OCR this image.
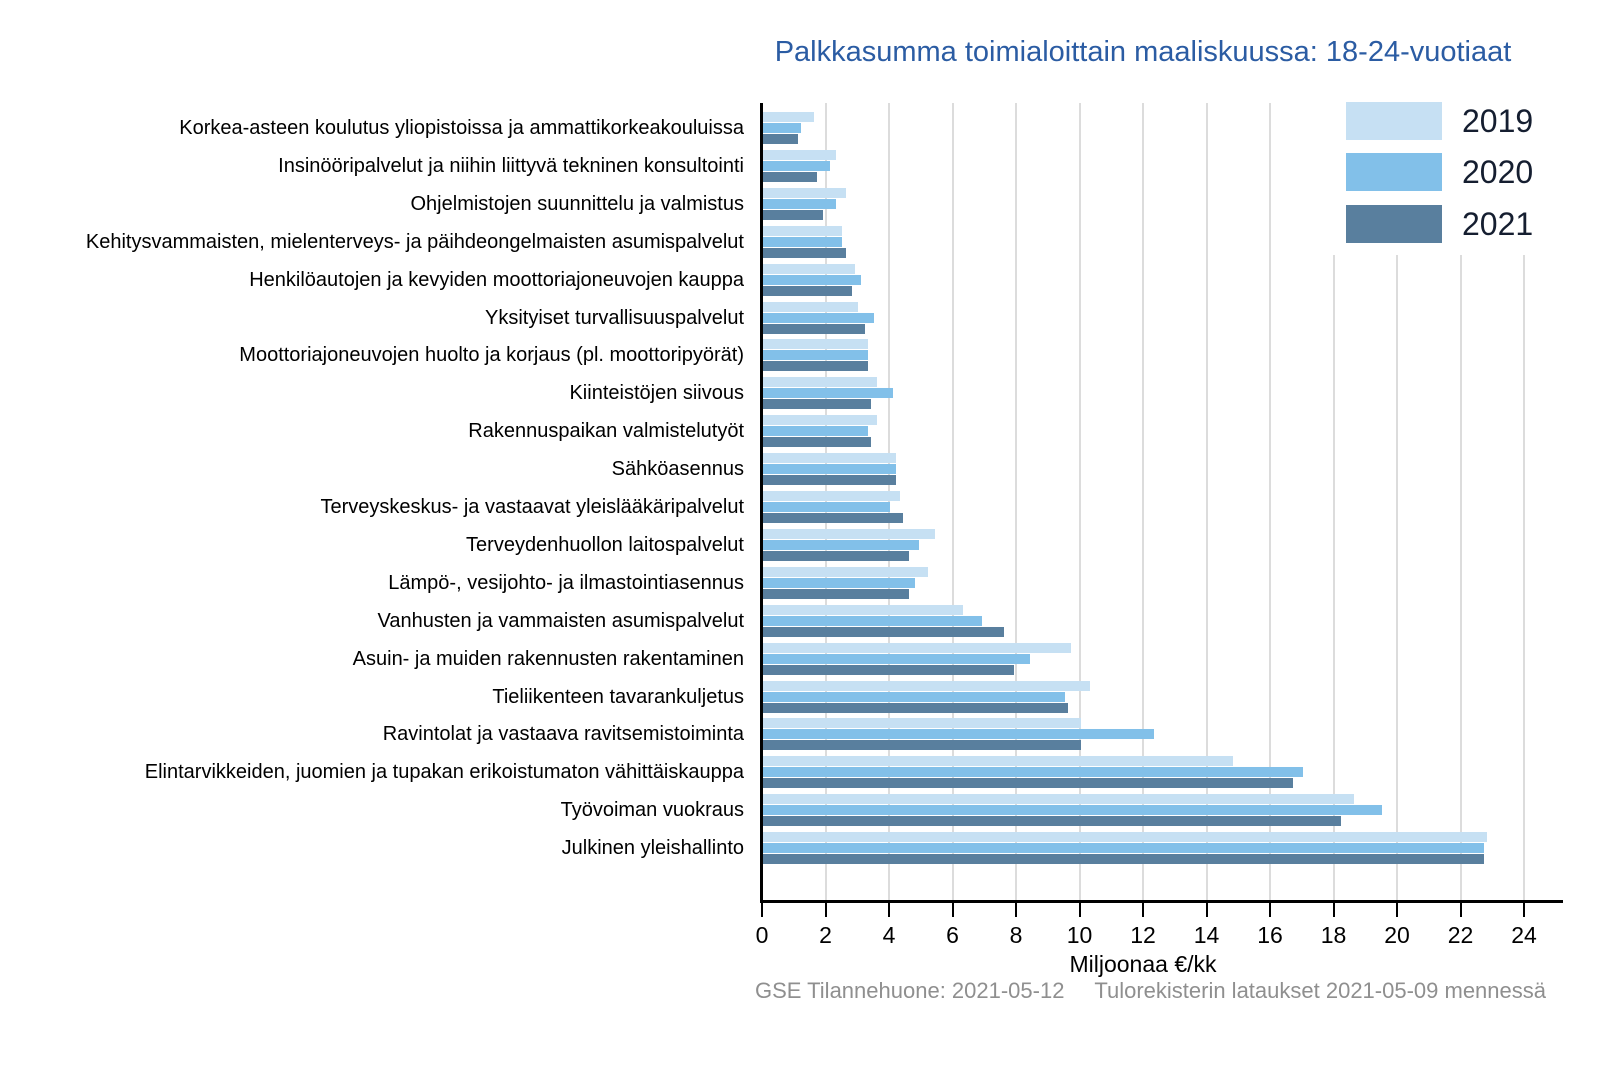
Palkkasumma toimialoittain maaliskuussa: 18-24-vuotiaat
Miljoonaa €/kk
2019
2020
2021
GSE Tilannehuone: 2021-05-12	Tulorekisterin lataukset 2021-05-09 mennessä
Korkea-asteen koulutus yliopistoissa ja ammattikorkeakouluissa
Insinööripalvelut ja niihin liittyvä tekninen konsultointi
Ohjelmistojen suunnittelu ja valmistus
Kehitysvammaisten, mielenterveys- ja päihdeongelmaisten asumispalvelut
Henkilöautojen ja kevyiden moottoriajoneuvojen kauppa
Yksityiset turvallisuuspalvelut
Moottoriajoneuvojen huolto ja korjaus (pl. moottoripyörät)
Kiinteistöjen siivous
Rakennuspaikan valmistelutyöt
Sähköasennus
Terveyskeskus- ja vastaavat yleislääkäripalvelut
Terveydenhuollon laitospalvelut
Lämpö-, vesijohto- ja ilmastointiasennus
Vanhusten ja vammaisten asumispalvelut
Asuin- ja muiden rakennusten rakentaminen
Tieliikenteen tavarankuljetus
Ravintolat ja vastaava ravitsemistoiminta
Elintarvikkeiden, juomien ja tupakan erikoistumaton vähittäiskauppa
Työvoiman vuokraus
Julkinen yleishallinto
0	2	4	6	8	10	12	14	16	18	20	22	24
